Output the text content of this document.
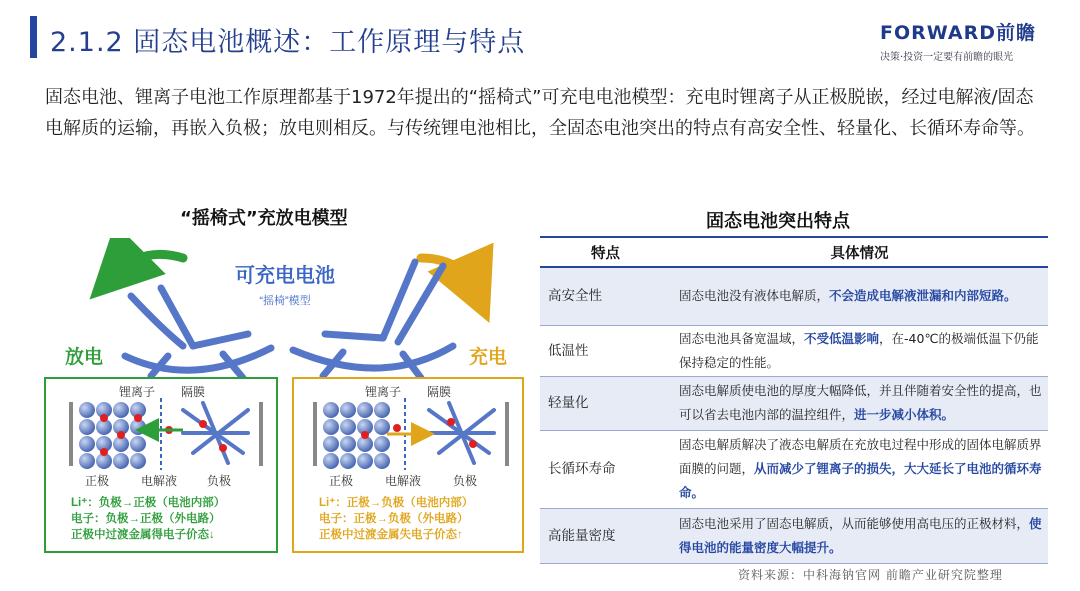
2.1.2 固态电池概述：工作原理与特点	FORWARD前瞻
决策·投资一定要有前瞻的眼光
固态电池、锂离子电池工作原理都基于1972年提出的“摇椅式”可充电电池模型：充电时锂离子从正极脱嵌，经过电解液/固态电解质的运输，再嵌入负极；放电则相反。与传统锂电池相比，全固态电池突出的特点有高安全性、轻量化、长循环寿命等。
“摇椅式”充放电模型	固态电池突出特点
可充电电池
“摇椅”模型
放电	充电
锂离子 隔膜
正极	电解液 负极
Li⁺：负极→正极（电池内部）
电子：负极→正极（外电路）
正极中过渡金属得电子价态↓
锂离子 隔膜
正极	电解液	负极
Li⁺：正极→负极（电池内部）
电子：正极→负极（外电路）
正极中过渡金属失电子价态↑
特点	具体情况
高安全性	固态电池没有液体电解质，不会造成电解液泄漏和内部短路。
低温性	固态电池具备宽温域，不受低温影响，在-40℃的极端低温下仍能保持稳定的性能。
轻量化	固态电解质使电池的厚度大幅降低，并且伴随着安全性的提高，也可以省去电池内部的温控组件，进一步减小体积。
长循环寿命	固态电解质解决了液态电解质在充放电过程中形成的固体电解质界面膜的问题，从而减少了锂离子的损失，大大延长了电池的循环寿命。
高能量密度	固态电池采用了固态电解质，从而能够使用高电压的正极材料，使得电池的能量密度大幅提升。
资料来源：中科海钠官网 前瞻产业研究院整理
